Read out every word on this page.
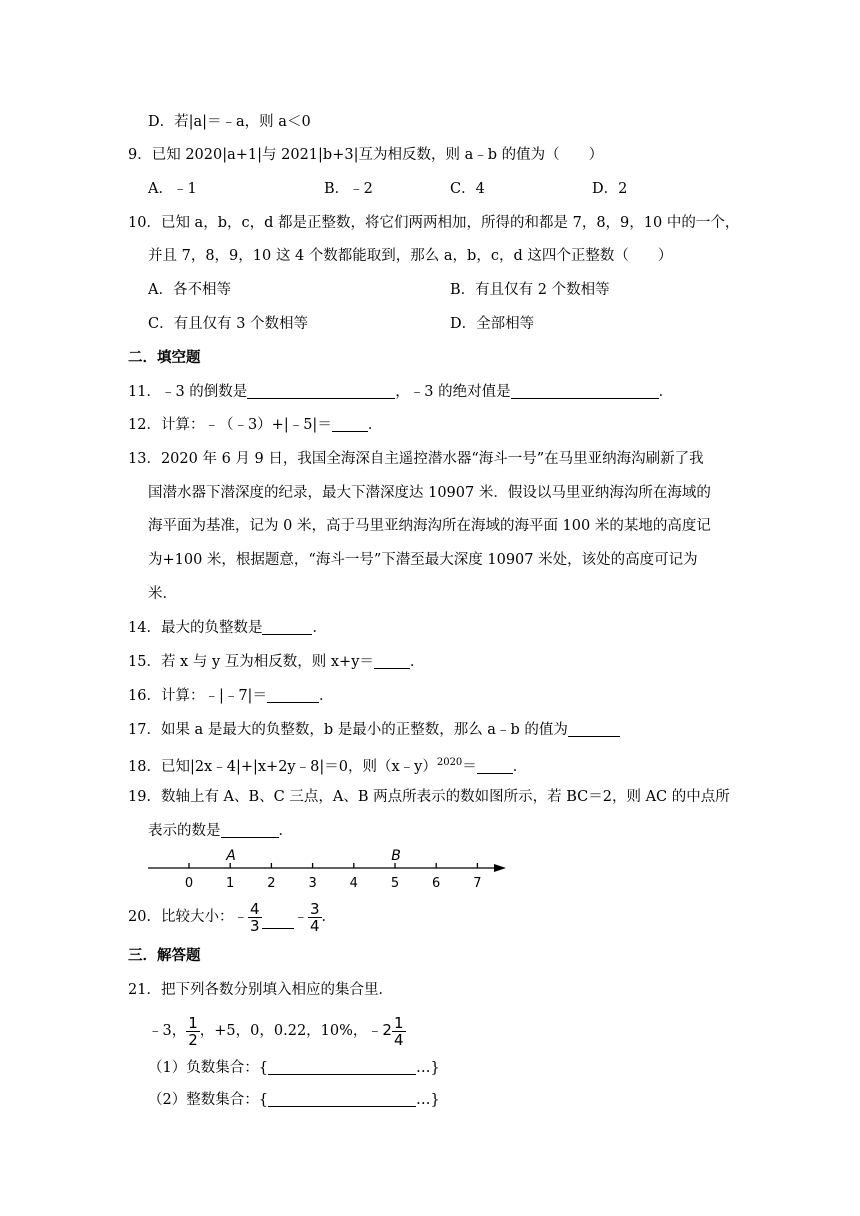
D．若|a|＝﹣a，则 a＜0
9．已知 2020|a+1|与 2021|b+3|互为相反数，则 a﹣b 的值为（　　）
A．﹣1	B．﹣2	C．4	D．2
10．已知 a，b，c，d 都是正整数，将它们两两相加，所得的和都是 7，8，9，10 中的一个，
并且 7，8，9，10 这 4 个数都能取到，那么 a，b，c，d 这四个正整数（　　）
A．各不相等	B．有且仅有 2 个数相等
C．有且仅有 3 个数相等	D．全部相等
二．填空题
11．﹣3 的倒数是	，﹣3 的绝对值是	．
12．计算：﹣（﹣3）+|﹣5|＝ ．
13．2020 年 6 月 9 日，我国全海深自主遥控潜水器“海斗一号”在马里亚纳海沟刷新了我
国潜水器下潜深度的纪录，最大下潜深度达 10907 米．假设以马里亚纳海沟所在海域的
海平面为基准，记为 0 米，高于马里亚纳海沟所在海域的海平面 100 米的某地的高度记
为+100 米，根据题意，“海斗一号”下潜至最大深度 10907 米处，该处的高度可记为
米．
14．最大的负整数是	．
15．若 x 与 y 互为相反数，则 x+y＝ ．
16．计算：﹣|﹣7|＝	．
17．如果 a 是最大的负整数，b 是最小的正整数，那么 a﹣b 的值为
18．已知|2x﹣4|+|x+2y﹣8|＝0，则（x﹣y）$^{2020}$＝ ．
19．数轴上有 A、B、C 三点，A、B 两点所表示的数如图所示，若 BC＝2，则 AC 的中点所
表示的数是	．
0	1	2	3	4	5	6	7
A	B
20．比较大小：﹣ $\frac{4}{3}$ ﹣ $\frac{3}{4}$ ．
三．解答题
21．把下列各数分别填入相应的集合里．
﹣3， $\frac{1}{2}$ ，+5，0，0.22，10%，﹣2 $\frac{1}{4}$
（1）负数集合：{	…}
（2）整数集合：{	…}
